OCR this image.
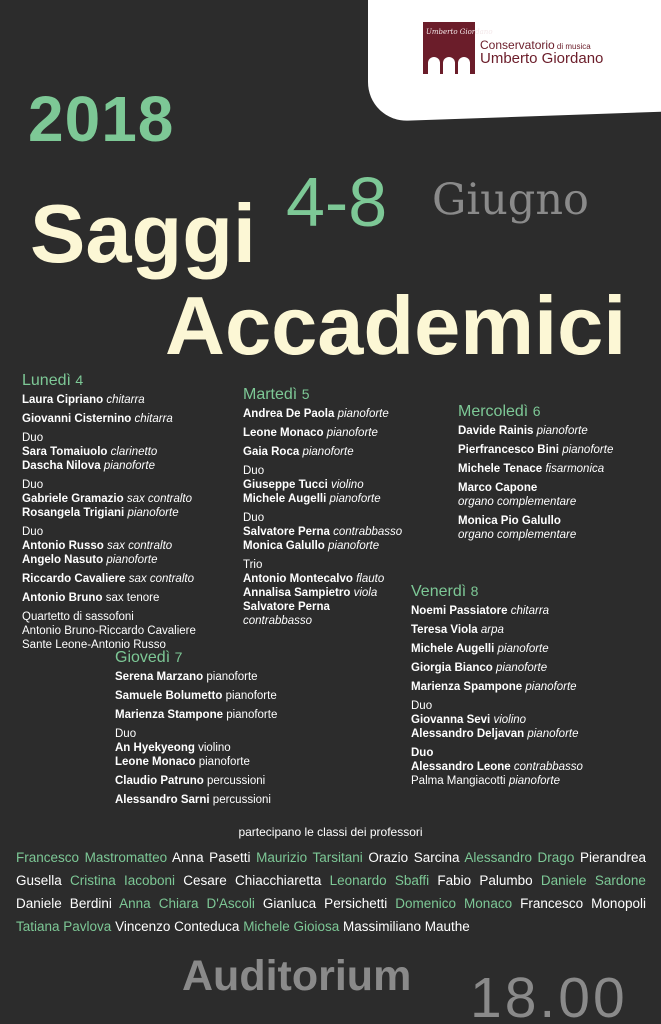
Umberto Giordano
Conservatorio di musica
Umberto Giordano
2018
4-8 Giugno
Saggi
Accademici
Lunedì 4
Laura Cipriano chitarra
Giovanni Cisternino chitarra
Duo
Sara Tomaiuolo clarinetto
Dascha Nilova pianoforte
Duo
Gabriele Gramazio sax contralto
Rosangela Trigiani pianoforte
Duo
Antonio Russo sax contralto
Angelo Nasuto pianoforte
Riccardo Cavaliere sax contralto
Antonio Bruno sax tenore
Quartetto di sassofoni
Antonio Bruno-Riccardo Cavaliere
Sante Leone-Antonio Russo
Martedì 5
Andrea De Paola pianoforte
Leone Monaco pianoforte
Gaia Roca pianoforte
Duo
Giuseppe Tucci violino
Michele Augelli pianoforte
Duo
Salvatore Perna contrabbasso
Monica Galullo pianoforte
Trio
Antonio Montecalvo flauto
Annalisa Sampietro viola
Salvatore Perna
contrabbasso
Mercoledì 6
Davide Rainis pianoforte
Pierfrancesco Bini pianoforte
Michele Tenace fisarmonica
Marco Capone
organo complementare
Monica Pio Galullo
organo complementare
Giovedì 7
Serena Marzano pianoforte
Samuele Bolumetto pianoforte
Marienza Stampone pianoforte
Duo
An Hyekyeong violino
Leone Monaco pianoforte
Claudio Patruno percussioni
Alessandro Sarni percussioni
Venerdì 8
Noemi Passiatore chitarra
Teresa Viola arpa
Michele Augelli pianoforte
Giorgia Bianco pianoforte
Marienza Spampone pianoforte
Duo
Giovanna Sevi violino
Alessandro Deljavan pianoforte
Duo
Alessandro Leone contrabbasso
Palma Mangiacotti pianoforte
partecipano le classi dei professori
Francesco Mastromatteo Anna Pasetti Maurizio Tarsitani Orazio Sarcina Alessandro Drago Pierandrea Gusella Cristina Iacoboni Cesare Chiacchiaretta Leonardo Sbaffi Fabio Palumbo Daniele Sardone Daniele Berdini Anna Chiara D'Ascoli Gianluca Persichetti Domenico Monaco Francesco Monopoli Tatiana Pavlova Vincenzo Conteduca Michele Gioiosa Massimiliano Mauthe
Auditorium 18.00
